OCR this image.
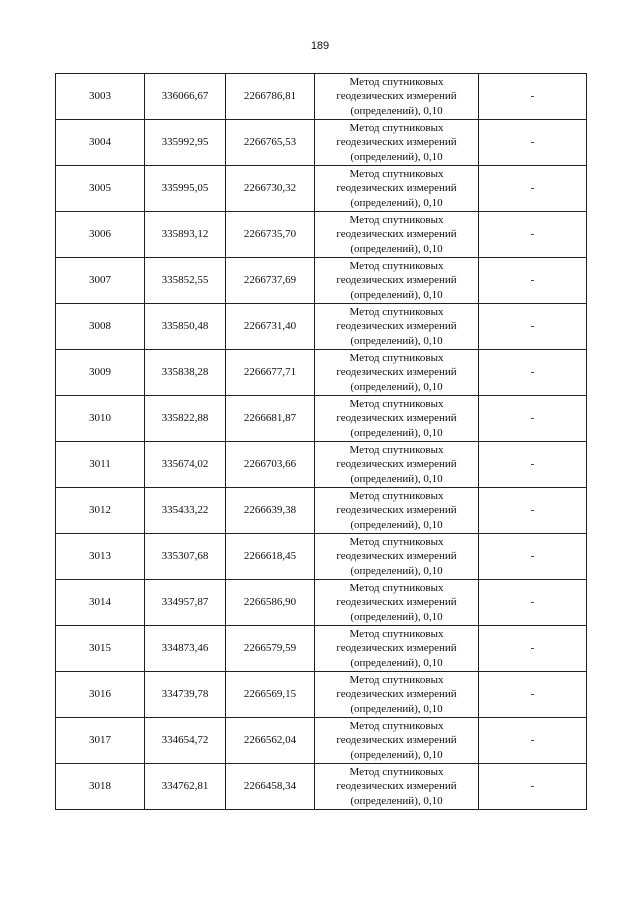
189
3003	336066,67	2266786,81	Метод спутниковых
геодезических измерений
(определений), 0,10	-
3004	335992,95	2266765,53	Метод спутниковых
геодезических измерений
(определений), 0,10	-
3005	335995,05	2266730,32	Метод спутниковых
геодезических измерений
(определений), 0,10	-
3006	335893,12	2266735,70	Метод спутниковых
геодезических измерений
(определений), 0,10	-
3007	335852,55	2266737,69	Метод спутниковых
геодезических измерений
(определений), 0,10	-
3008	335850,48	2266731,40	Метод спутниковых
геодезических измерений
(определений), 0,10	-
3009	335838,28	2266677,71	Метод спутниковых
геодезических измерений
(определений), 0,10	-
3010	335822,88	2266681,87	Метод спутниковых
геодезических измерений
(определений), 0,10	-
3011	335674,02	2266703,66	Метод спутниковых
геодезических измерений
(определений), 0,10	-
3012	335433,22	2266639,38	Метод спутниковых
геодезических измерений
(определений), 0,10	-
3013	335307,68	2266618,45	Метод спутниковых
геодезических измерений
(определений), 0,10	-
3014	334957,87	2266586,90	Метод спутниковых
геодезических измерений
(определений), 0,10	-
3015	334873,46	2266579,59	Метод спутниковых
геодезических измерений
(определений), 0,10	-
3016	334739,78	2266569,15	Метод спутниковых
геодезических измерений
(определений), 0,10	-
3017	334654,72	2266562,04	Метод спутниковых
геодезических измерений
(определений), 0,10	-
3018	334762,81	2266458,34	Метод спутниковых
геодезических измерений
(определений), 0,10	-
